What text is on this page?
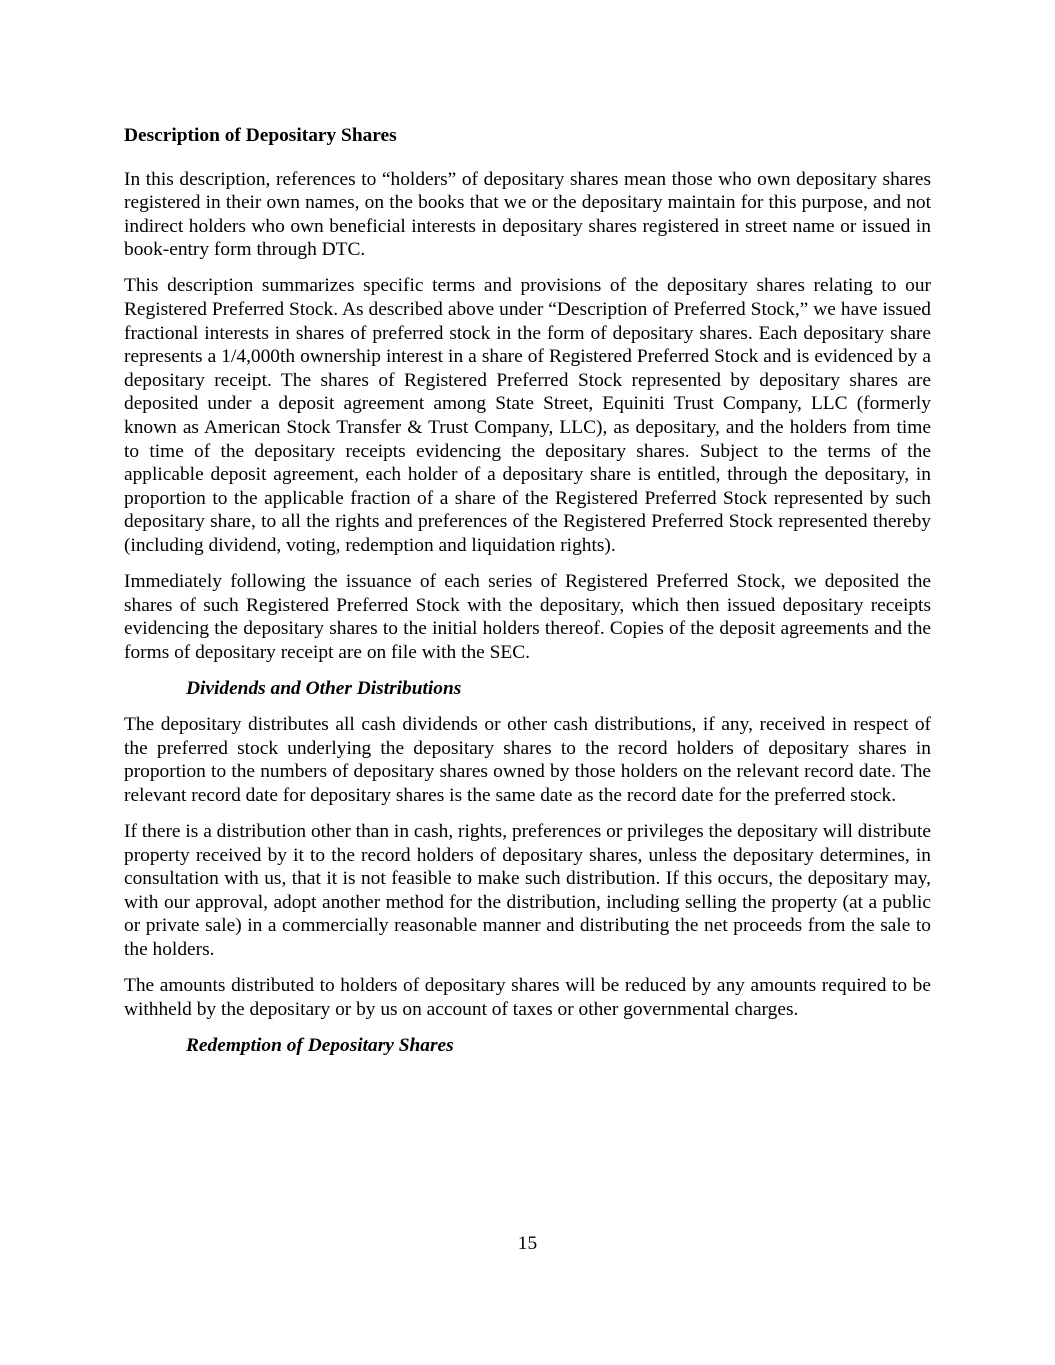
Description of Depositary Shares

In this description, references to “holders” of depositary shares mean those who own depositary shares registered in their own names, on the books that we or the depositary maintain for this purpose, and not indirect holders who own beneficial interests in depositary shares registered in street name or issued in book-entry form through DTC.

This description summarizes specific terms and provisions of the depositary shares relating to our Registered Preferred Stock. As described above under “Description of Preferred Stock,” we have issued fractional interests in shares of preferred stock in the form of depositary shares. Each depositary share represents a 1/4,000th ownership interest in a share of Registered Preferred Stock and is evidenced by a depositary receipt. The shares of Registered Preferred Stock represented by depositary shares are deposited under a deposit agreement among State Street, Equiniti Trust Company, LLC (formerly known as American Stock Transfer & Trust Company, LLC), as depositary, and the holders from time to time of the depositary receipts evidencing the depositary shares. Subject to the terms of the applicable deposit agreement, each holder of a depositary share is entitled, through the depositary, in proportion to the applicable fraction of a share of the Registered Preferred Stock represented by such depositary share, to all the rights and preferences of the Registered Preferred Stock represented thereby (including dividend, voting, redemption and liquidation rights).

Immediately following the issuance of each series of Registered Preferred Stock, we deposited the shares of such Registered Preferred Stock with the depositary, which then issued depositary receipts evidencing the depositary shares to the initial holders thereof. Copies of the deposit agreements and the forms of depositary receipt are on file with the SEC.

Dividends and Other Distributions

The depositary distributes all cash dividends or other cash distributions, if any, received in respect of the preferred stock underlying the depositary shares to the record holders of depositary shares in proportion to the numbers of depositary shares owned by those holders on the relevant record date. The relevant record date for depositary shares is the same date as the record date for the preferred stock.

If there is a distribution other than in cash, rights, preferences or privileges the depositary will distribute property received by it to the record holders of depositary shares, unless the depositary determines, in consultation with us, that it is not feasible to make such distribution. If this occurs, the depositary may, with our approval, adopt another method for the distribution, including selling the property (at a public or private sale) in a commercially reasonable manner and distributing the net proceeds from the sale to the holders.

The amounts distributed to holders of depositary shares will be reduced by any amounts required to be withheld by the depositary or by us on account of taxes or other governmental charges.

Redemption of Depositary Shares
15
